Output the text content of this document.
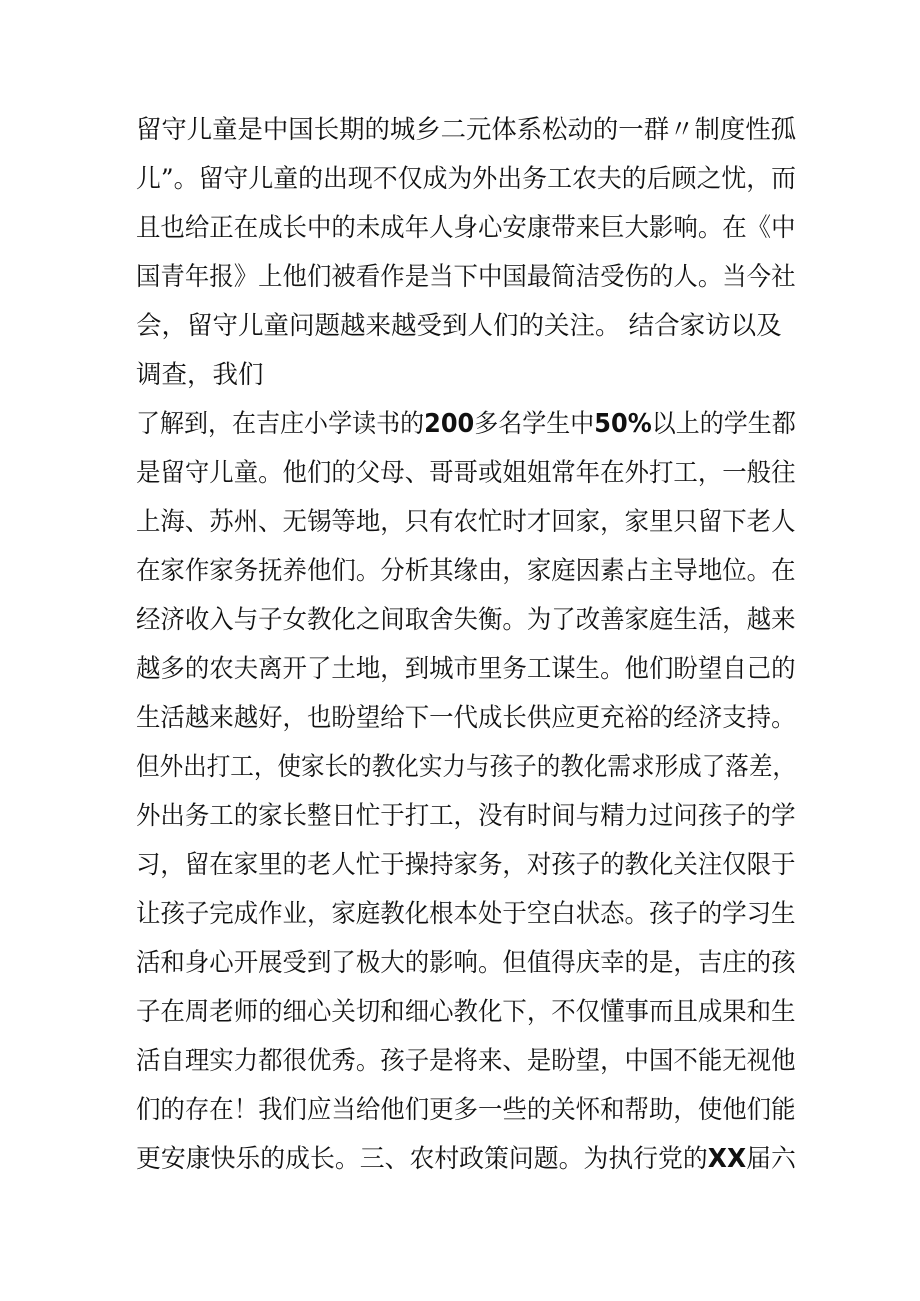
留守儿童是中国长期的城乡二元体系松动的一群〃制度性孤
儿”。留守儿童的出现不仅成为外出务工农夫的后顾之忧，而
且也给正在成长中的未成年人身心安康带来巨大影响。在《中
国青年报》上他们被看作是当下中国最简洁受伤的人。当今社
会，留守儿童问题越来越受到人们的关注。 结合家访以及
调查，我们
了解到，在吉庄小学读书的200多名学生中50%以上的学生都
是留守儿童。他们的父母、哥哥或姐姐常年在外打工，一般往
上海、苏州、无锡等地，只有农忙时才回家，家里只留下老人
在家作家务抚养他们。分析其缘由，家庭因素占主导地位。在
经济收入与子女教化之间取舍失衡。为了改善家庭生活，越来
越多的农夫离开了土地，到城市里务工谋生。他们盼望自己的
生活越来越好，也盼望给下一代成长供应更充裕的经济支持。
但外出打工，使家长的教化实力与孩子的教化需求形成了落差，
外出务工的家长整日忙于打工，没有时间与精力过问孩子的学
习，留在家里的老人忙于操持家务，对孩子的教化关注仅限于
让孩子完成作业，家庭教化根本处于空白状态。孩子的学习生
活和身心开展受到了极大的影响。但值得庆幸的是，吉庄的孩
子在周老师的细心关切和细心教化下，不仅懂事而且成果和生
活自理实力都很优秀。孩子是将来、是盼望，中国不能无视他
们的存在！我们应当给他们更多一些的关怀和帮助，使他们能
更安康快乐的成长。三、农村政策问题。为执行党的XX届六
